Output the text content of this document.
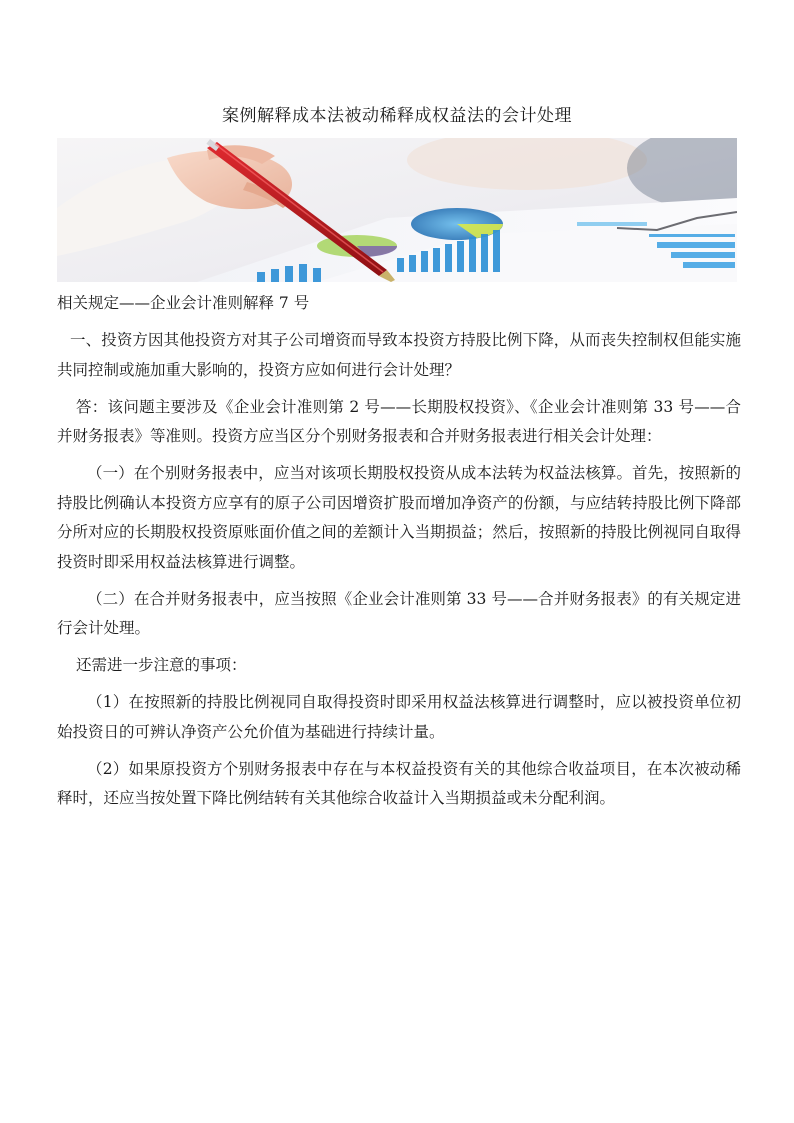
案例解释成本法被动稀释成权益法的会计处理

相关规定——企业会计准则解释 7 号

一、投资方因其他投资方对其子公司增资而导致本投资方持股比例下降，从而丧失控制权但能实施共同控制或施加重大影响的，投资方应如何进行会计处理？

答：该问题主要涉及《企业会计准则第 2 号——长期股权投资》、《企业会计准则第 33 号——合并财务报表》等准则。投资方应当区分个别财务报表和合并财务报表进行相关会计处理：

（一）在个别财务报表中，应当对该项长期股权投资从成本法转为权益法核算。首先，按照新的持股比例确认本投资方应享有的原子公司因增资扩股而增加净资产的份额，与应结转持股比例下降部分所对应的长期股权投资原账面价值之间的差额计入当期损益；然后，按照新的持股比例视同自取得投资时即采用权益法核算进行调整。

（二）在合并财务报表中，应当按照《企业会计准则第 33 号——合并财务报表》的有关规定进行会计处理。

还需进一步注意的事项：

（1）在按照新的持股比例视同自取得投资时即采用权益法核算进行调整时，应以被投资单位初始投资日的可辨认净资产公允价值为基础进行持续计量。

（2）如果原投资方个别财务报表中存在与本权益投资有关的其他综合收益项目，在本次被动稀释时，还应当按处置下降比例结转有关其他综合收益计入当期损益或未分配利润。
